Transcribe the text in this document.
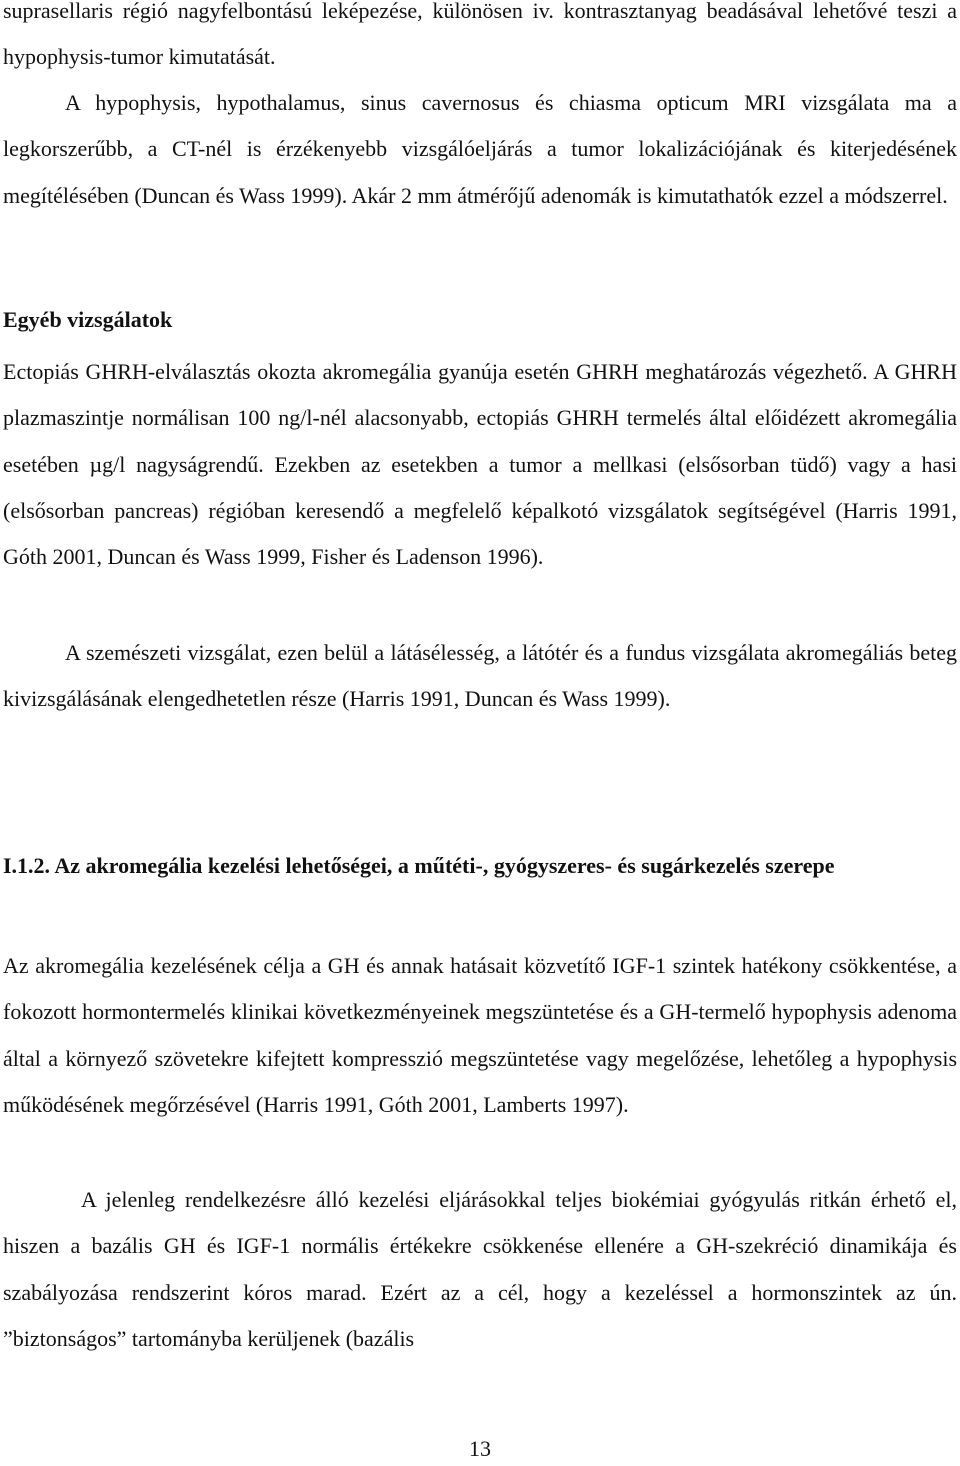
suprasellaris régió nagyfelbontású leképezése, különösen iv. kontrasztanyag beadásával lehetővé teszi a hypophysis-tumor kimutatását.

A hypophysis, hypothalamus, sinus cavernosus és chiasma opticum MRI vizsgálata ma a legkorszerűbb, a CT-nél is érzékenyebb vizsgálóeljárás a tumor lokalizációjának és kiterjedésének megítélésében (Duncan és Wass 1999). Akár 2 mm átmérőjű adenomák is kimutathatók ezzel a módszerrel.

Egyéb vizsgálatok

Ectopiás GHRH-elválasztás okozta akromegália gyanúja esetén GHRH meghatározás végezhető. A GHRH plazmaszintje normálisan 100 ng/l-nél alacsonyabb, ectopiás GHRH termelés által előidézett akromegália esetében µg/l nagyságrendű. Ezekben az esetekben a tumor a mellkasi (elsősorban tüdő) vagy a hasi (elsősorban pancreas) régióban keresendő a megfelelő képalkotó vizsgálatok segítségével (Harris 1991, Góth 2001, Duncan és Wass 1999, Fisher és Ladenson 1996).

A szemészeti vizsgálat, ezen belül a látásélesség, a látótér és a fundus vizsgálata akromegáliás beteg kivizsgálásának elengedhetetlen része (Harris 1991, Duncan és Wass 1999).

I.1.2. Az akromegália kezelési lehetőségei, a műtéti-, gyógyszeres- és sugárkezelés szerepe

Az akromegália kezelésének célja a GH és annak hatásait közvetítő IGF-1 szintek hatékony csökkentése, a fokozott hormontermelés klinikai következményeinek megszüntetése és a GH-termelő hypophysis adenoma által a környező szövetekre kifejtett kompresszió megszüntetése vagy megelőzése, lehetőleg a hypophysis működésének megőrzésével (Harris 1991, Góth 2001, Lamberts 1997).

A jelenleg rendelkezésre álló kezelési eljárásokkal teljes biokémiai gyógyulás ritkán érhető el, hiszen a bazális GH és IGF-1 normális értékekre csökkenése ellenére a GH-szekréció dinamikája és szabályozása rendszerint kóros marad. Ezért az a cél, hogy a kezeléssel a hormonszintek az ún. ”biztonságos” tartományba kerüljenek (bazális

13
